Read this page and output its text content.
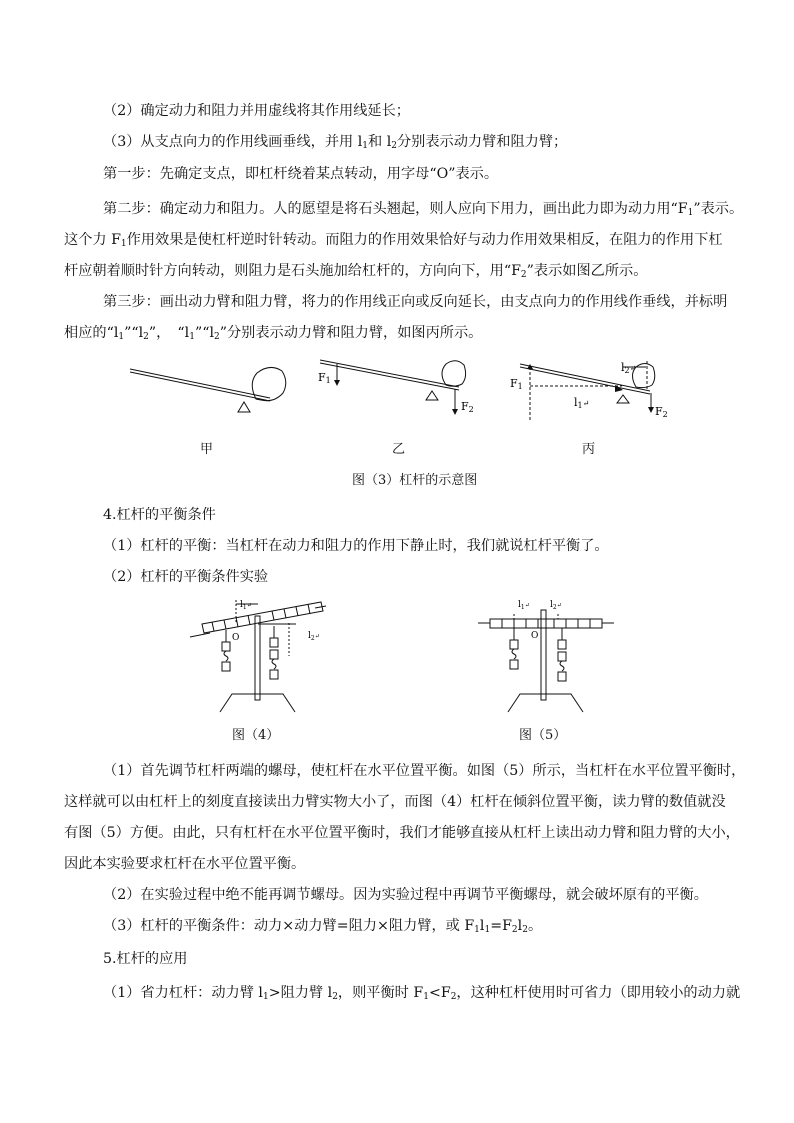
（2）确定动力和阻力并用虚线将其作用线延长；
（3）从支点向力的作用线画垂线，并用 $l_1$和 $l_2$分别表示动力臂和阻力臂；
第一步：先确定支点，即杠杆绕着某点转动，用字母“O”表示。
第二步：确定动力和阻力。人的愿望是将石头翘起，则人应向下用力，画出此力即为动力用“$F_1$”表示。
这个力 $F_1$作用效果是使杠杆逆时针转动。而阻力的作用效果恰好与动力作用效果相反，在阻力的作用下杠
杆应朝着顺时针方向转动，则阻力是石头施加给杠杆的，方向向下，用“$F_2$”表示如图乙所示。
第三步：画出动力臂和阻力臂，将力的作用线正向或反向延长，由支点向力的作用线作垂线，并标明
相应的“$l_1”“l_2$”，　“$l_1”“l_2$”分别表示动力臂和阻力臂，如图丙所示。
F1
F2
F1
F2
l1↵
l2↵
甲	乙	丙
图（3）杠杆的示意图
4.杠杆的平衡条件
（1）杠杆的平衡：当杠杆在动力和阻力的作用下静止时，我们就说杠杆平衡了。
（2）杠杆的平衡条件实验
O
$l_1^↵$
$l_2^↵$	O
$l_1^↵$ $l_2^↵$
图（4）	图（5）
（1）首先调节杠杆两端的螺母，使杠杆在水平位置平衡。如图（5）所示，当杠杆在水平位置平衡时，
这样就可以由杠杆上的刻度直接读出力臂实物大小了，而图（4）杠杆在倾斜位置平衡，读力臂的数值就没
有图（5）方便。由此，只有杠杆在水平位置平衡时，我们才能够直接从杠杆上读出动力臂和阻力臂的大小，
因此本实验要求杠杆在水平位置平衡。
（2）在实验过程中绝不能再调节螺母。因为实验过程中再调节平衡螺母，就会破坏原有的平衡。
（3）杠杆的平衡条件：动力×动力臂=阻力×阻力臂，或 $F_1l_1=F_2l_2$。
5.杠杆的应用
（1）省力杠杆：动力臂 $l_1>$阻力臂 $l_2$，则平衡时 $F_1<F_2$，这种杠杆使用时可省力（即用较小的动力就
